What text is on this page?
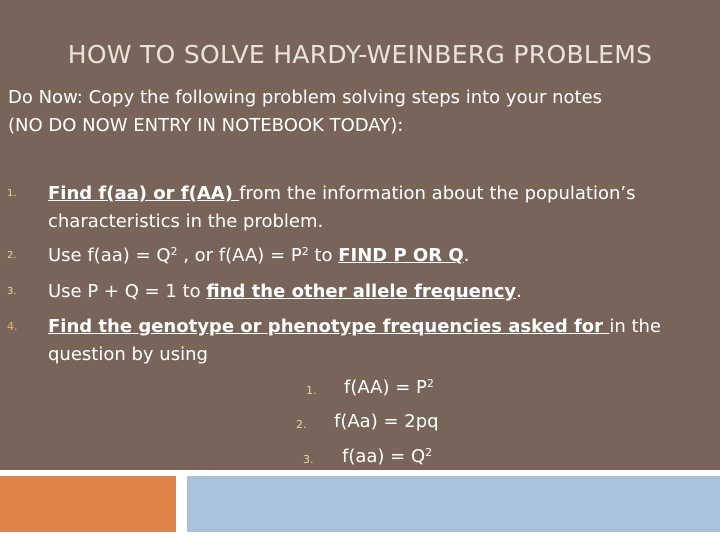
HOW TO SOLVE HARDY-WEINBERG PROBLEMS
Do Now: Copy the following problem solving steps into your notes
(NO DO NOW ENTRY IN NOTEBOOK TODAY):
1. Find f(aa) or f(AA) from the information about the population’s characteristics in the problem.
2. Use $f(aa) = Q^2$ , or $f(AA) = P^2$ to FIND P OR Q.
3. Use P + Q = 1 to find the other allele frequency.
4. Find the genotype or phenotype frequencies asked for in the question by using
1. $f(AA) = P^2$
2. f(Aa) = 2pq
3. $f(aa) = Q^2$
